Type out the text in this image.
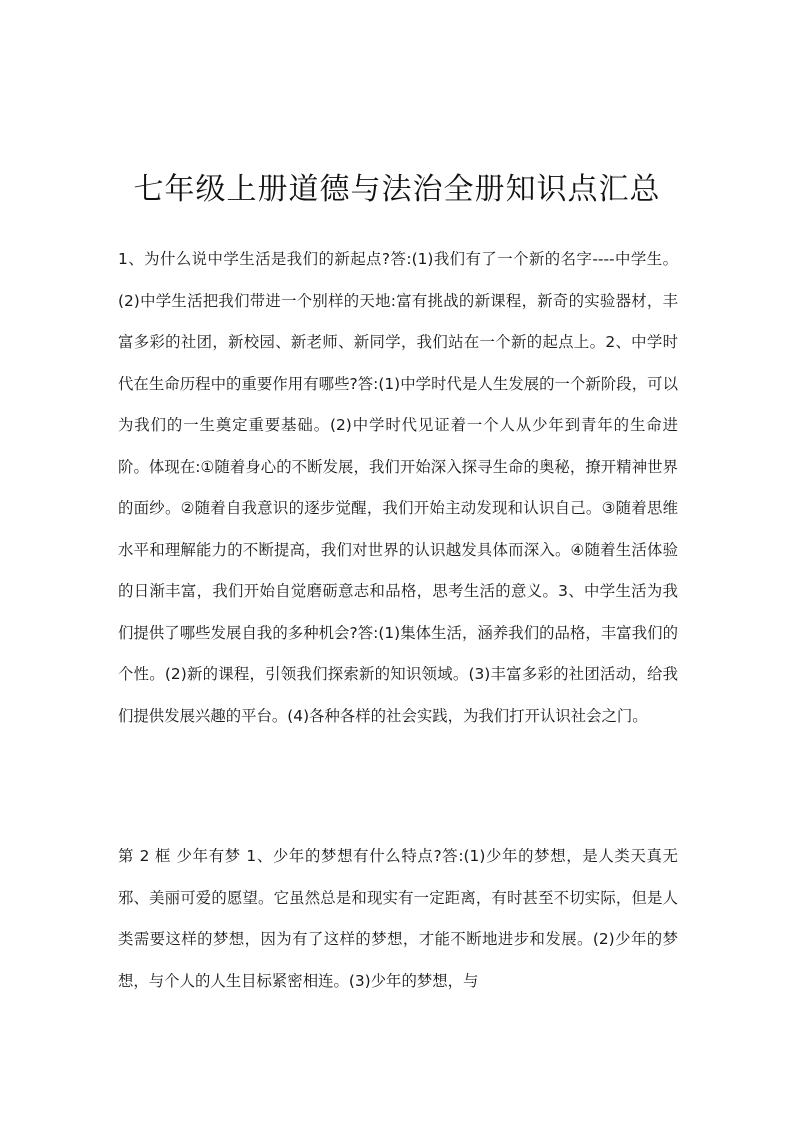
七年级上册道德与法治全册知识点汇总

1、为什么说中学生活是我们的新起点?答:(1)我们有了一个新的名字----中学生。(2)中学生活把我们带进一个别样的天地:富有挑战的新课程，新奇的实验器材，丰富多彩的社团，新校园、新老师、新同学，我们站在一个新的起点上。2、中学时代在生命历程中的重要作用有哪些?答:(1)中学时代是人生发展的一个新阶段，可以为我们的一生奠定重要基础。(2)中学时代见证着一个人从少年到青年的生命进阶。体现在:①随着身心的不断发展，我们开始深入探寻生命的奥秘，撩开精神世界的面纱。②随着自我意识的逐步觉醒，我们开始主动发现和认识自己。③随着思维水平和理解能力的不断提高，我们对世界的认识越发具体而深入。④随着生活体验的日渐丰富，我们开始自觉磨砺意志和品格，思考生活的意义。3、中学生活为我们提供了哪些发展自我的多种机会?答:(1)集体生活，涵养我们的品格，丰富我们的个性。(2)新的课程，引领我们探索新的知识领域。(3)丰富多彩的社团活动，给我们提供发展兴趣的平台。(4)各种各样的社会实践，为我们打开认识社会之门。

第 2 框 少年有梦 1、少年的梦想有什么特点?答:(1)少年的梦想，是人类天真无邪、美丽可爱的愿望。它虽然总是和现实有一定距离，有时甚至不切实际，但是人类需要这样的梦想，因为有了这样的梦想，才能不断地进步和发展。(2)少年的梦想，与个人的人生目标紧密相连。(3)少年的梦想，与
